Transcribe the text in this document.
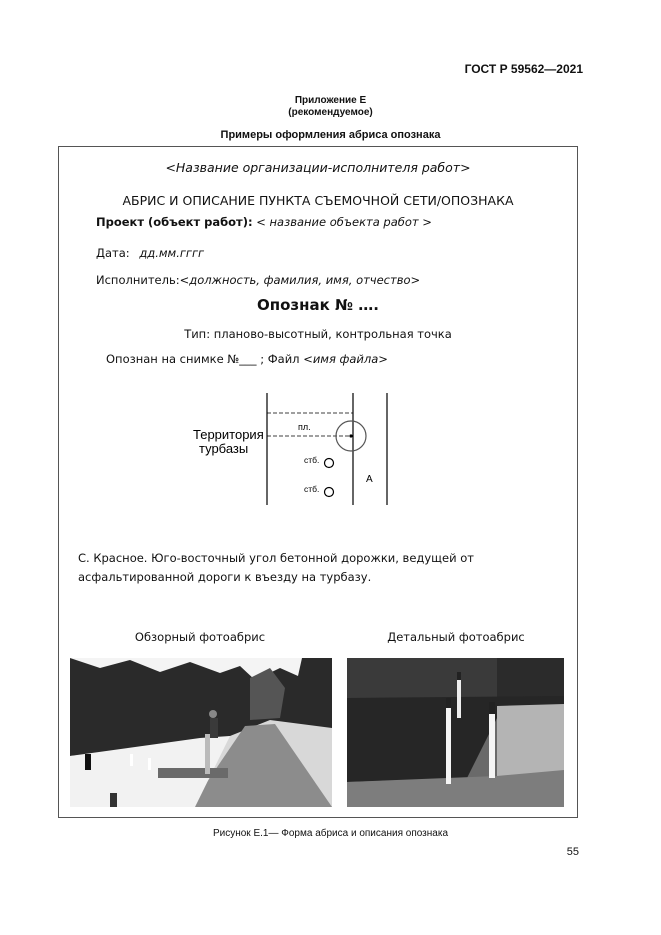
ГОСТ Р 59562—2021
Приложение Е
(рекомендуемое)
Примеры оформления абриса опознака
<Название организации-исполнителя работ>
АБРИС И ОПИСАНИЕ ПУНКТА СЪЕМОЧНОЙ СЕТИ/ОПОЗНАКА
Проект (объект работ): < название объекта работ >
Дата: дд.мм.гггг
Исполнитель:<должность, фамилия, имя, отчество>
Опознак № ….
Тип: планово-высотный, контрольная точка
Опознан на снимке №___ ; Файл <имя файла>
Территория
турбазы
пл.
стб.
стб.
А
С. Красное. Юго-восточный угол бетонной дорожки, ведущей от асфальтированной дороги к въезду на турбазу.
Обзорный фотоабрис	Детальный фотоабрис
Рисунок Е.1— Форма абриса и описания опознака
55
